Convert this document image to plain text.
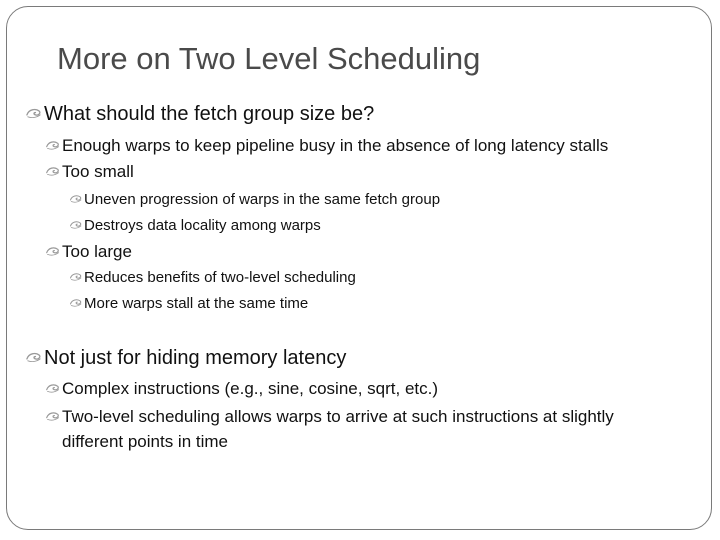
More on Two Level Scheduling
What should the fetch group size be?
Enough warps to keep pipeline busy in the absence of long latency stalls
Too small
Uneven progression of warps in the same fetch group
Destroys data locality among warps
Too large
Reduces benefits of two-level scheduling
More warps stall at the same time
Not just for hiding memory latency
Complex instructions (e.g., sine, cosine, sqrt, etc.)
Two-level scheduling allows warps to arrive at such instructions at slightly
different points in time
